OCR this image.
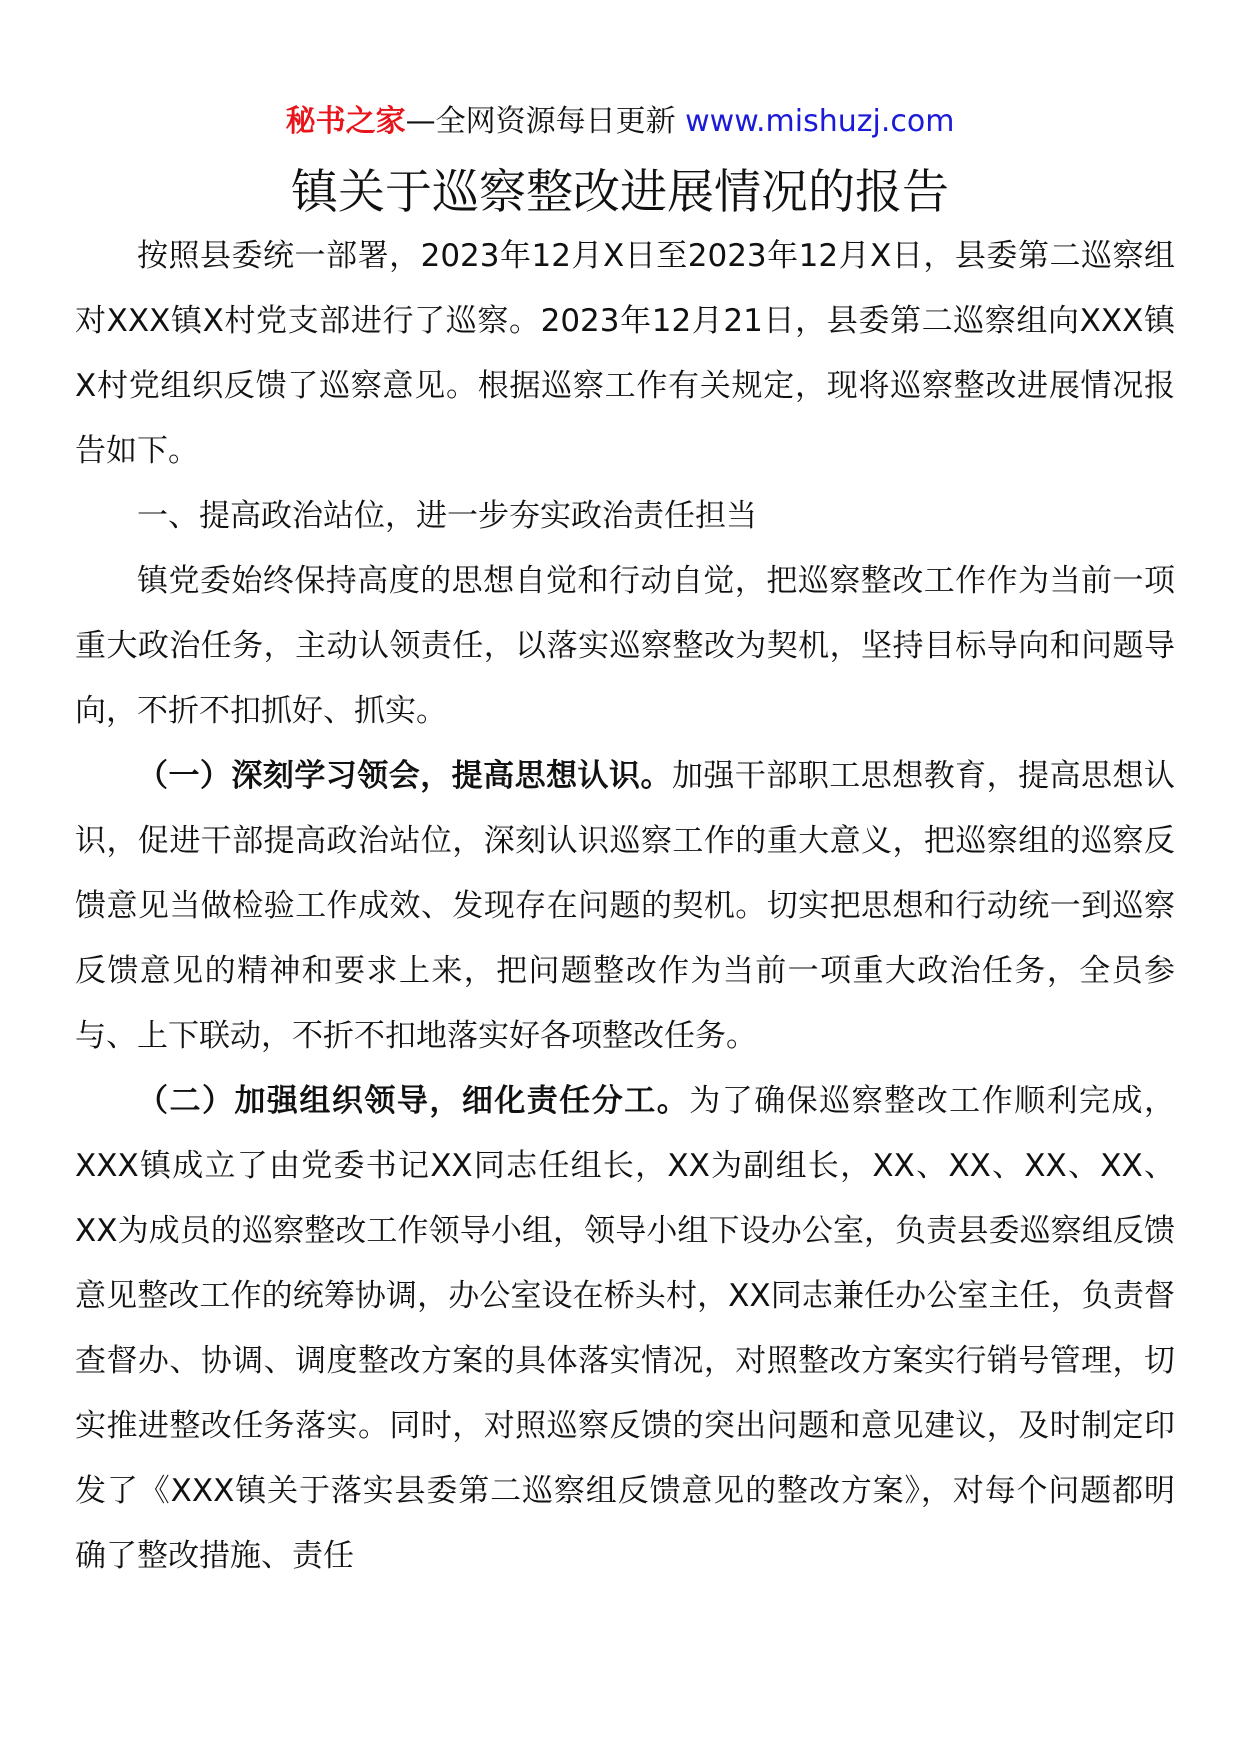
秘书之家—全网资源每日更新 www.mishuzj.com
镇关于巡察整改进展情况的报告

按照县委统一部署，2023年12月X日至2023年12月X日，县委第二巡察组对XXX镇X村党支部进行了巡察。2023年12月21日，县委第二巡察组向XXX镇X村党组织反馈了巡察意见。根据巡察工作有关规定，现将巡察整改进展情况报告如下。

一、提高政治站位，进一步夯实政治责任担当

镇党委始终保持高度的思想自觉和行动自觉，把巡察整改工作作为当前一项重大政治任务，主动认领责任，以落实巡察整改为契机，坚持目标导向和问题导向，不折不扣抓好、抓实。

（一）深刻学习领会，提高思想认识。加强干部职工思想教育，提高思想认识，促进干部提高政治站位，深刻认识巡察工作的重大意义，把巡察组的巡察反馈意见当做检验工作成效、发现存在问题的契机。切实把思想和行动统一到巡察反馈意见的精神和要求上来，把问题整改作为当前一项重大政治任务，全员参与、上下联动，不折不扣地落实好各项整改任务。

（二）加强组织领导，细化责任分工。为了确保巡察整改工作顺利完成，XXX镇成立了由党委书记XX同志任组长，XX为副组长，XX、XX、XX、XX、XX为成员的巡察整改工作领导小组，领导小组下设办公室，负责县委巡察组反馈意见整改工作的统筹协调，办公室设在桥头村，XX同志兼任办公室主任，负责督查督办、协调、调度整改方案的具体落实情况，对照整改方案实行销号管理，切实推进整改任务落实。同时，对照巡察反馈的突出问题和意见建议，及时制定印发了《XXX镇关于落实县委第二巡察组反馈意见的整改方案》，对每个问题都明确了整改措施、责任
